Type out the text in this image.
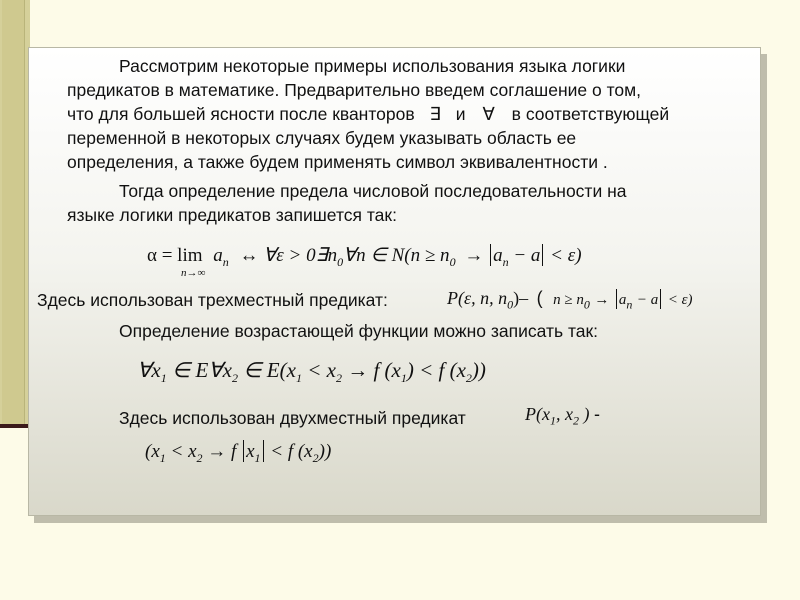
Рассмотрим некоторые примеры использования языка логики
предикатов в математике. Предварительно введем соглашение о том,
что для большей ясности после кванторов ∃ и ∀ в соответствующей
переменной в некоторых случаях будем указывать область ее
определения, а также будем применять символ эквивалентности .
Тогда определение предела числовой последовательности на
языке логики предикатов запишется так:
$\alpha = \lim a_n$ ↔ ∀ε > $0\exists n_0\forall n$ ∈ $N(n \ge n_0 \to a_n - a < \varepsilon)$
n→∞
Здесь использован трехместный предикат:	P(ε, n, $n_0)-$ ( $n \ge n_0 \to a_n - a < \varepsilon$)
Определение возрастающей функции можно записать так:
$\forall x_1$ ∈ $E\forall x_2$ ∈ $E(x_1 < x_2 \to f$ $(x_1) < f$ $(x_2)$)
Здесь использован двухместный предикат	$P(x_1$, $x_2$ ) -
($x_1 < x_2 \to f$ $x_1 < f$ $(x_2)$)
